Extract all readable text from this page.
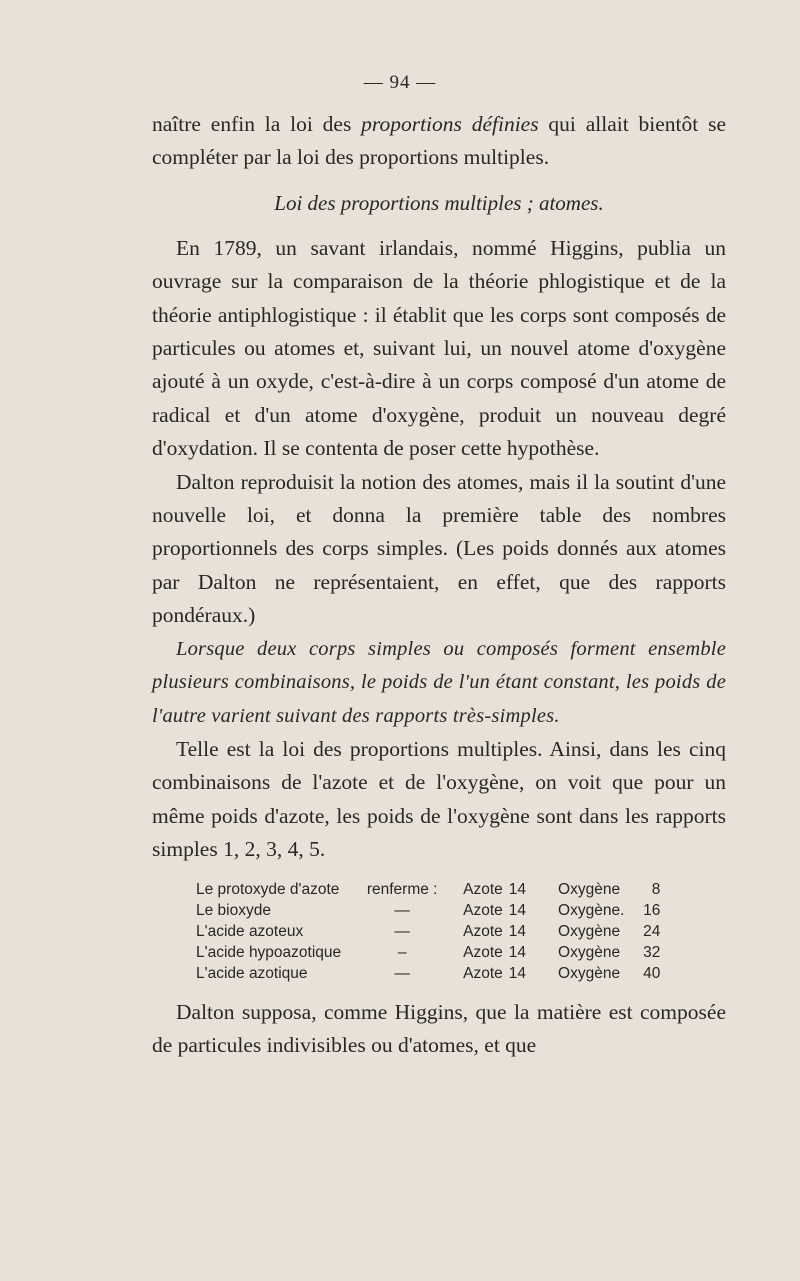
— 94 —

naître enfin la loi des proportions définies qui allait bientôt se compléter par la loi des proportions multiples.

Loi des proportions multiples ; atomes.

En 1789, un savant irlandais, nommé Higgins, publia un ouvrage sur la comparaison de la théorie phlogistique et de la théorie antiphlogistique : il établit que les corps sont composés de particules ou atomes et, suivant lui, un nouvel atome d'oxygène ajouté à un oxyde, c'est-à-dire à un corps composé d'un atome de radical et d'un atome d'oxygène, produit un nouveau degré d'oxydation. Il se contenta de poser cette hypothèse.

Dalton reproduisit la notion des atomes, mais il la soutint d'une nouvelle loi, et donna la première table des nombres proportionnels des corps simples. (Les poids donnés aux atomes par Dalton ne représentaient, en effet, que des rapports pondéraux.)

Lorsque deux corps simples ou composés forment ensemble plusieurs combinaisons, le poids de l'un étant constant, les poids de l'autre varient suivant des rapports très-simples.

Telle est la loi des proportions multiples. Ainsi, dans les cinq combinaisons de l'azote et de l'oxygène, on voit que pour un même poids d'azote, les poids de l'oxygène sont dans les rapports simples 1, 2, 3, 4, 5.

Le protoxyde d'azote	renferme :	Azote	14	Oxygène	8
Le bioxyde	—	Azote	14	Oxygène.	16
L'acide azoteux	—	Azote	14	Oxygène	24
L'acide hypoazotique	–	Azote	14	Oxygène	32
L'acide azotique	—	Azote	14	Oxygène	40

Dalton supposa, comme Higgins, que la matière est composée de particules indivisibles ou d'atomes, et que
